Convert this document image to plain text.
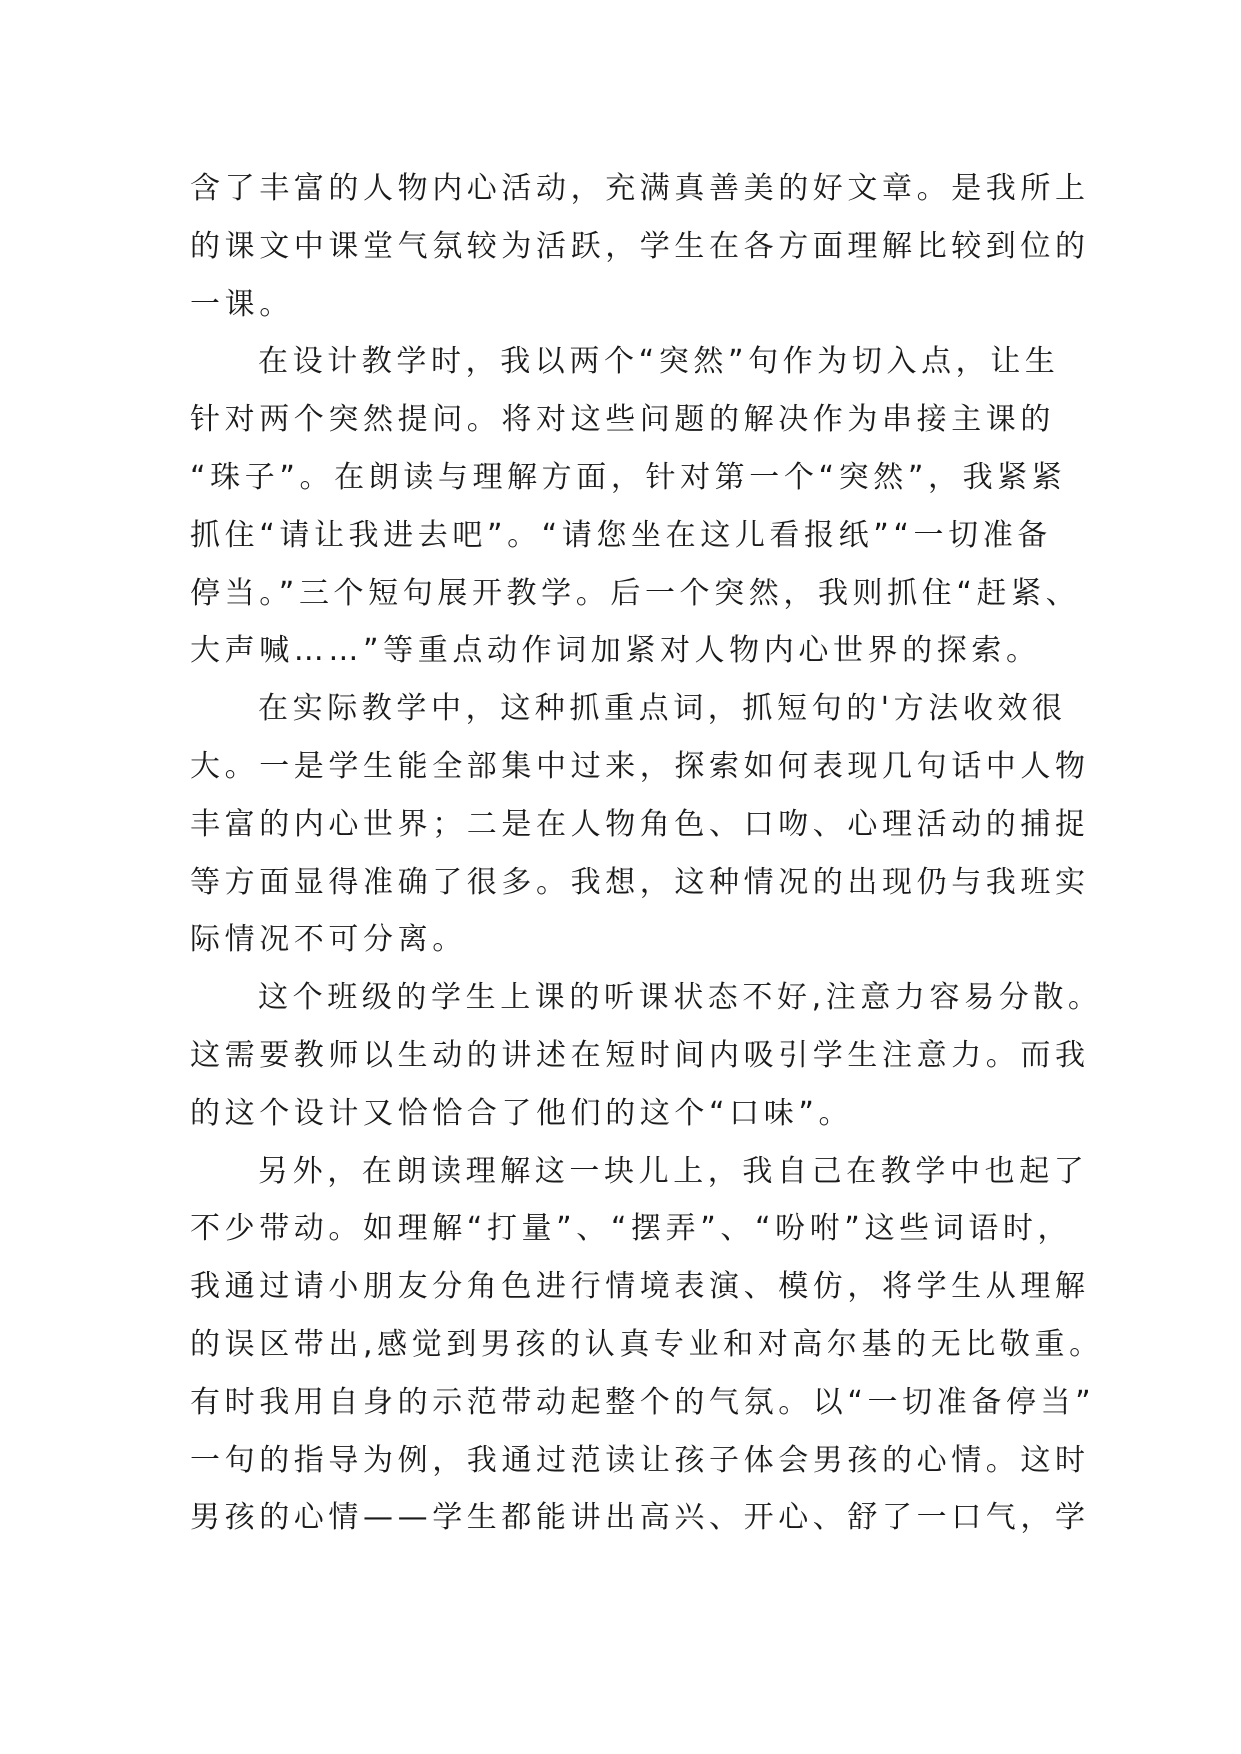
含了丰富的人物内心活动，充满真善美的好文章。是我所上
的课文中课堂气氛较为活跃，学生在各方面理解比较到位的
一课。
在设计教学时，我以两个“突然”句作为切入点，让生
针对两个突然提问。将对这些问题的解决作为串接主课的
“珠子”。在朗读与理解方面，针对第一个“突然”，我紧紧
抓住“请让我进去吧”。“请您坐在这儿看报纸”“一切准备
停当。”三个短句展开教学。后一个突然，我则抓住“赶紧、
大声喊……”等重点动作词加紧对人物内心世界的探索。
在实际教学中，这种抓重点词，抓短句的'方法收效很
大。一是学生能全部集中过来，探索如何表现几句话中人物
丰富的内心世界；二是在人物角色、口吻、心理活动的捕捉
等方面显得准确了很多。我想，这种情况的出现仍与我班实
际情况不可分离。
这个班级的学生上课的听课状态不好,注意力容易分散。
这需要教师以生动的讲述在短时间内吸引学生注意力。而我
的这个设计又恰恰合了他们的这个“口味”。
另外，在朗读理解这一块儿上，我自己在教学中也起了
不少带动。如理解“打量”、“摆弄”、“吩咐”这些词语时，
我通过请小朋友分角色进行情境表演、模仿，将学生从理解
的误区带出,感觉到男孩的认真专业和对高尔基的无比敬重。
有时我用自身的示范带动起整个的气氛。以“一切准备停当”
一句的指导为例，我通过范读让孩子体会男孩的心情。这时
男孩的心情——学生都能讲出高兴、开心、舒了一口气，学
